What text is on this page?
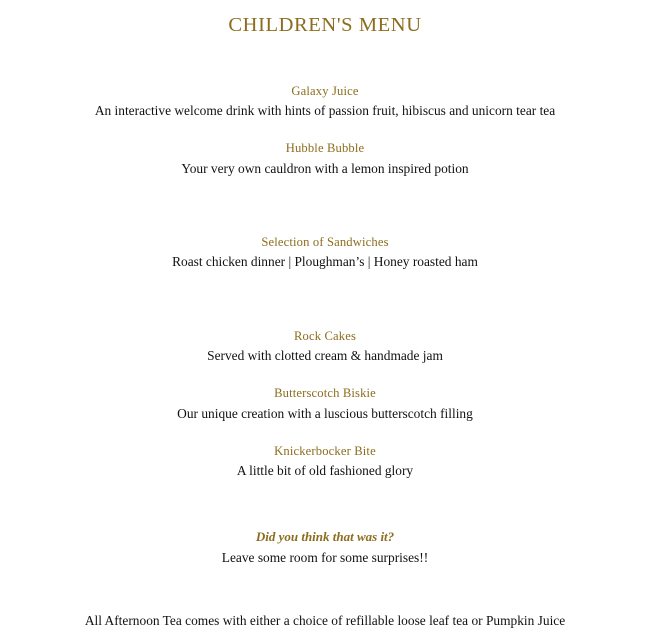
CHILDREN'S MENU
Galaxy Juice
An interactive welcome drink with hints of passion fruit, hibiscus and unicorn tear tea
Hubble Bubble
Your very own cauldron with a lemon inspired potion
Selection of Sandwiches
Roast chicken dinner | Ploughman’s | Honey roasted ham
Rock Cakes
Served with clotted cream & handmade jam
Butterscotch Biskie
Our unique creation with a luscious butterscotch filling
Knickerbocker Bite
A little bit of old fashioned glory
Did you think that was it?
Leave some room for some surprises!!
All Afternoon Tea comes with either a choice of refillable loose leaf tea or Pumpkin Juice
